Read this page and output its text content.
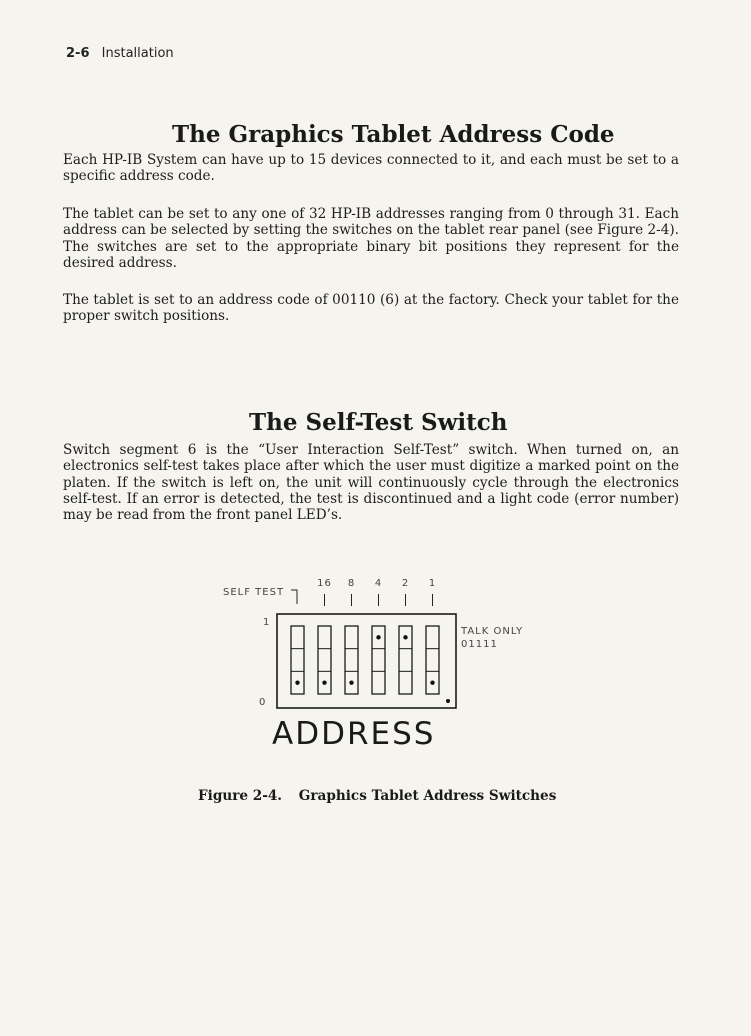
2-6 Installation
The Graphics Tablet Address Code

Each HP-IB System can have up to 15 devices connected to it, and each must be set to a specific address code.

The tablet can be set to any one of 32 HP-IB addresses ranging from 0 through 31. Each address can be selected by setting the switches on the tablet rear panel (see Figure 2-4). The switches are set to the appropriate binary bit positions they represent for the desired address.

The tablet is set to an address code of 00110 (6) at the factory. Check your tablet for the proper switch positions.

The Self-Test Switch

Switch segment 6 is the “User Interaction Self-Test” switch. When turned on, an electronics self-test takes place after which the user must digitize a marked point on the platen. If the switch is left on, the unit will continuously cycle through the electronics self-test. If an error is detected, the test is discontinued and a light code (error number) may be read from the front panel LED’s.

SELF TEST
16 8 4 2 1
1
0
TALK ONLY
01111
ADDRESS
Figure 2-4. Graphics Tablet Address Switches
